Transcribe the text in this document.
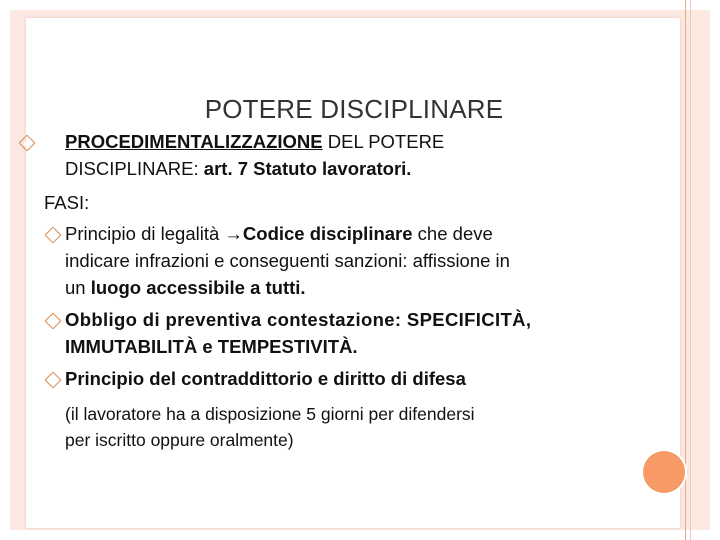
POTERE DISCIPLINARE
PROCEDIMENTALIZZAZIONE DEL POTERE
DISCIPLINARE: art. 7 Statuto lavoratori.
FASI:
Principio di legalità →Codice disciplinare che deve
indicare infrazioni e conseguenti sanzioni: affissione in
un luogo accessibile a tutti.
Obbligo di preventiva contestazione: SPECIFICITÀ,
IMMUTABILITÀ e TEMPESTIVITÀ.
Principio del contraddittorio e diritto di difesa
(il lavoratore ha a disposizione 5 giorni per difendersi
per iscritto oppure oralmente)
